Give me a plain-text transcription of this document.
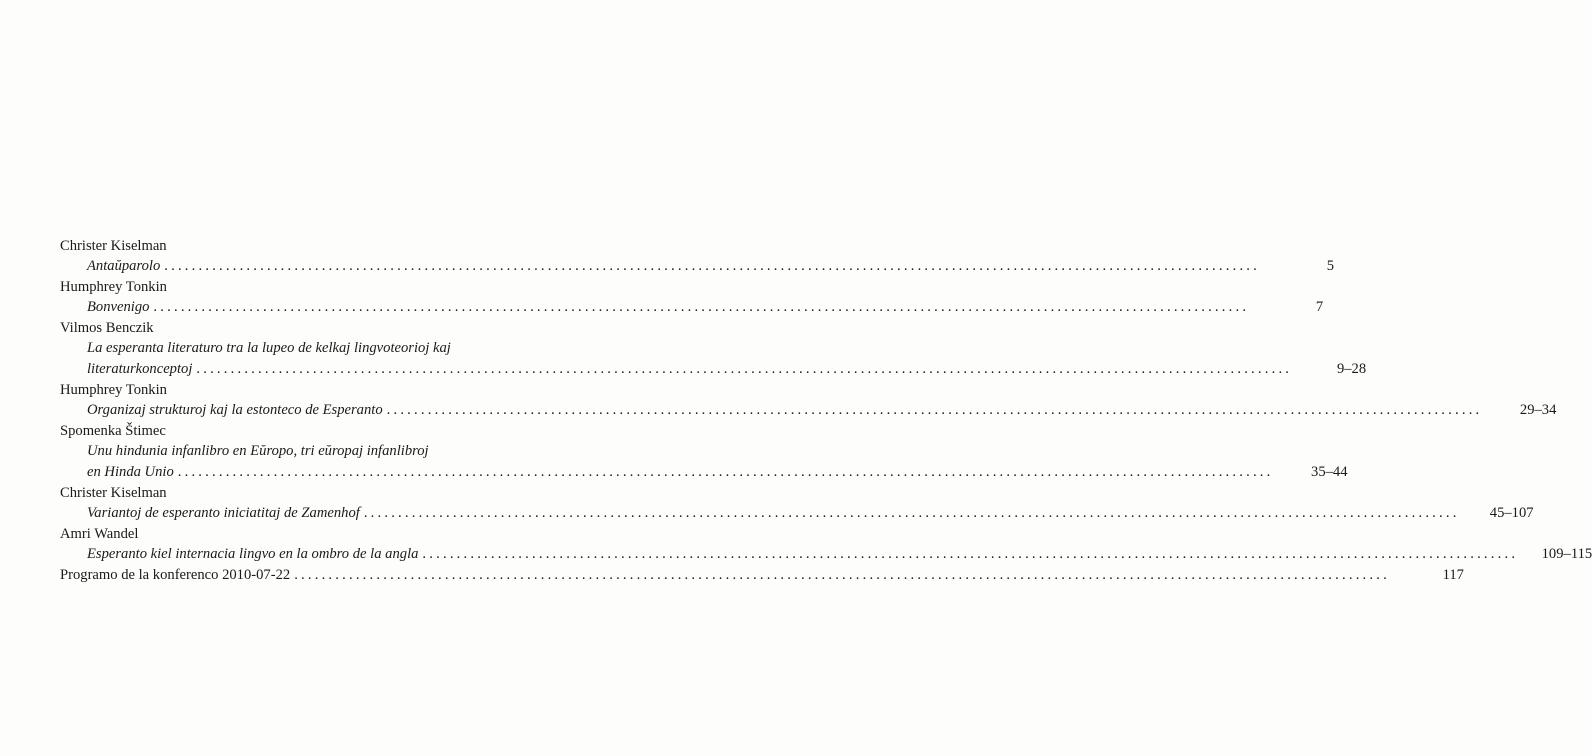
Christer Kiselman
Antaŭparolo ................................................................................................................................................................	5
Humphrey Tonkin
Bonvenigo ................................................................................................................................................................	7
Vilmos Benczik
La esperanta literaturo tra la lupeo de kelkaj lingvoteorioj kaj
literaturkonceptoj ................................................................................................................................................................	9–28
Humphrey Tonkin
Organizaj strukturoj kaj la estonteco de Esperanto ................................................................................................................................................................	29–34
Spomenka Štimec
Unu hindunia infanlibro en Eŭropo, tri eŭropaj infanlibroj
en Hinda Unio ................................................................................................................................................................	35–44
Christer Kiselman
Variantoj de esperanto iniciatitaj de Zamenhof ................................................................................................................................................................	45–107
Amri Wandel
Esperanto kiel internacia lingvo en la ombro de la angla ................................................................................................................................................................	109–115
Programo de la konferenco 2010-07-22 ................................................................................................................................................................	117
